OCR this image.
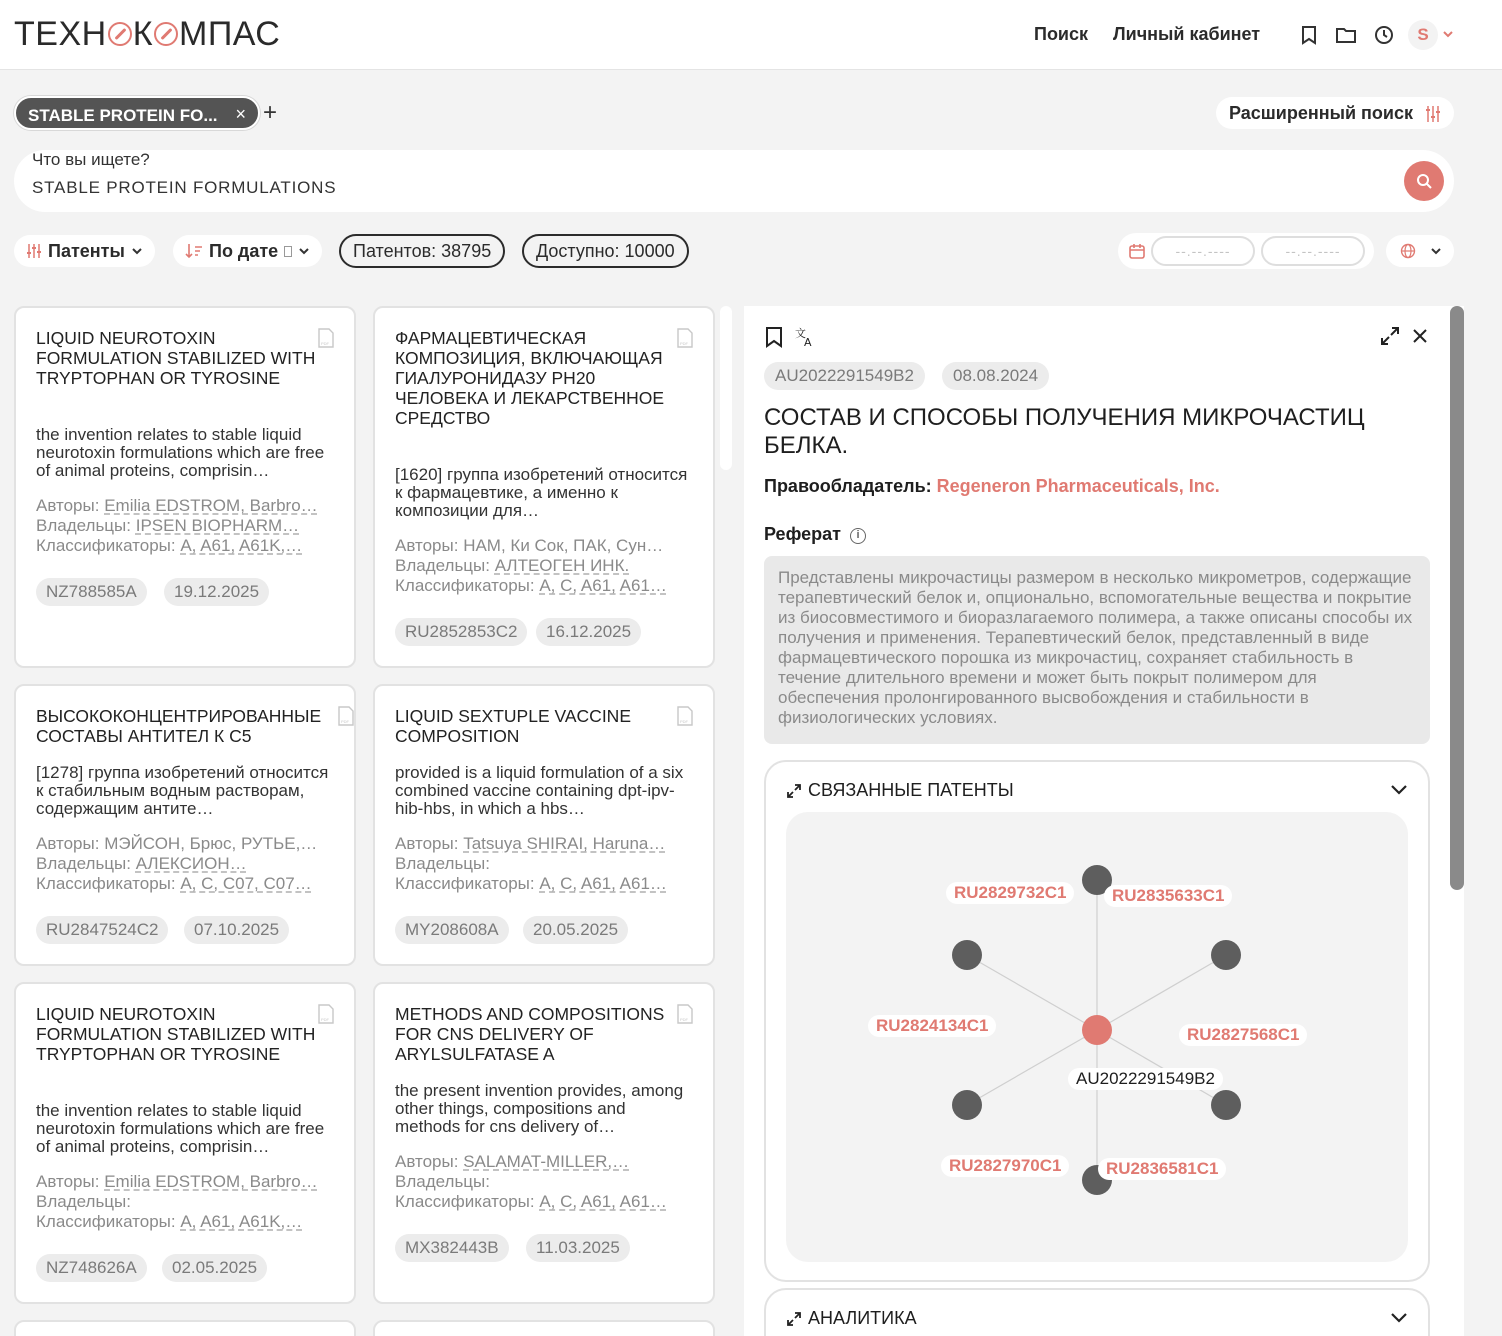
ТЕХН К МПАС	Поиск Личный кабинет	S
STABLE PROTEIN FO... × +	Расширенный поиск
Что вы ищете?
STABLE PROTEIN FORMULATIONS
Патенты	По дате	Патентов: 38795	Доступно: 10000	--.--.----	--.--.----
LIQUID NEUROTOXIN FORMULATION STABILIZED WITH TRYPTOPHAN OR TYROSINE
PDF
the invention relates to stable liquid neurotoxin formulations which are free of animal proteins, comprisin…
Авторы: Emilia EDSTROM, Barbro…
Владельцы: IPSEN BIOPHARM…
Классификаторы: A, A61, A61K,…
NZ788585A	19.12.2025
ФАРМАЦЕВТИЧЕСКАЯ КОМПОЗИЦИЯ, ВКЛЮЧАЮЩАЯ ГИАЛУРОНИДАЗУ PH20 ЧЕЛОВЕКА И ЛЕКАРСТВЕННОЕ СРЕДСТВО
PDF
[1620] группа изобретений относится к фармацевтике, а именно к композиции для…
Авторы: НАМ, Ки Сок, ПАК, Сун…
Владельцы: АЛТЕОГЕН ИНК.
Классификаторы: A, C, A61, A61…
RU2852853C2	16.12.2025
ВЫСОКОКОНЦЕНТРИРОВАННЫЕ СОСТАВЫ АНТИТЕЛ К С5
PDF
[1278] группа изобретений относится к стабильным водным растворам, содержащим антите…
Авторы: МЭЙСОН, Брюс, РУТЬЕ,…
Владельцы: АЛЕКСИОН…
Классификаторы: A, C, C07, C07…
RU2847524C2	07.10.2025
LIQUID SEXTUPLE VACCINE COMPOSITION
PDF
provided is a liquid formulation of a six combined vaccine containing dpt-ipv-hib-hbs, in which a hbs…
Авторы: Tatsuya SHIRAI, Haruna…
Владельцы:
Классификаторы: A, C, A61, A61…
MY208608A	20.05.2025
LIQUID NEUROTOXIN FORMULATION STABILIZED WITH TRYPTOPHAN OR TYROSINE
PDF
the invention relates to stable liquid neurotoxin formulations which are free of animal proteins, comprisin…
Авторы: Emilia EDSTROM, Barbro…
Владельцы:
Классификаторы: A, A61, A61K,…
NZ748626A	02.05.2025
METHODS AND COMPOSITIONS FOR CNS DELIVERY OF ARYLSULFATASE A
PDF
the present invention provides, among other things, compositions and methods for cns delivery of…
Авторы: SALAMAT-MILLER,…
Владельцы:
Классификаторы: A, C, A61, A61…
MX382443B	11.03.2025
文
A
AU2022291549B2	08.08.2024
СОСТАВ И СПОСОБЫ ПОЛУЧЕНИЯ МИКРОЧАСТИЦ БЕЛКА.
Правообладатель: Regeneron Pharmaceuticals, Inc.
Реферат	i
Представлены микрочастицы размером в несколько микрометров, содержащие терапевтический белок и, опционально, вспомогательные вещества и покрытие из биосовместимого и биоразлагаемого полимера, а также описаны способы их получения и применения. Терапевтический белок, представленный в виде фармацевтического порошка из микрочастиц, сохраняет стабильность в течение длительного времени и может быть покрыт полимером для обеспечения пролонгированного высвобождения и стабильности в физиологических условиях.
СВЯЗАННЫЕ ПАТЕНТЫ
RU2829732C1	RU2835633C1
RU2824134C1	RU2827568C1
RU2827970C1	RU2836581C1
AU2022291549B2
АНАЛИТИКА
